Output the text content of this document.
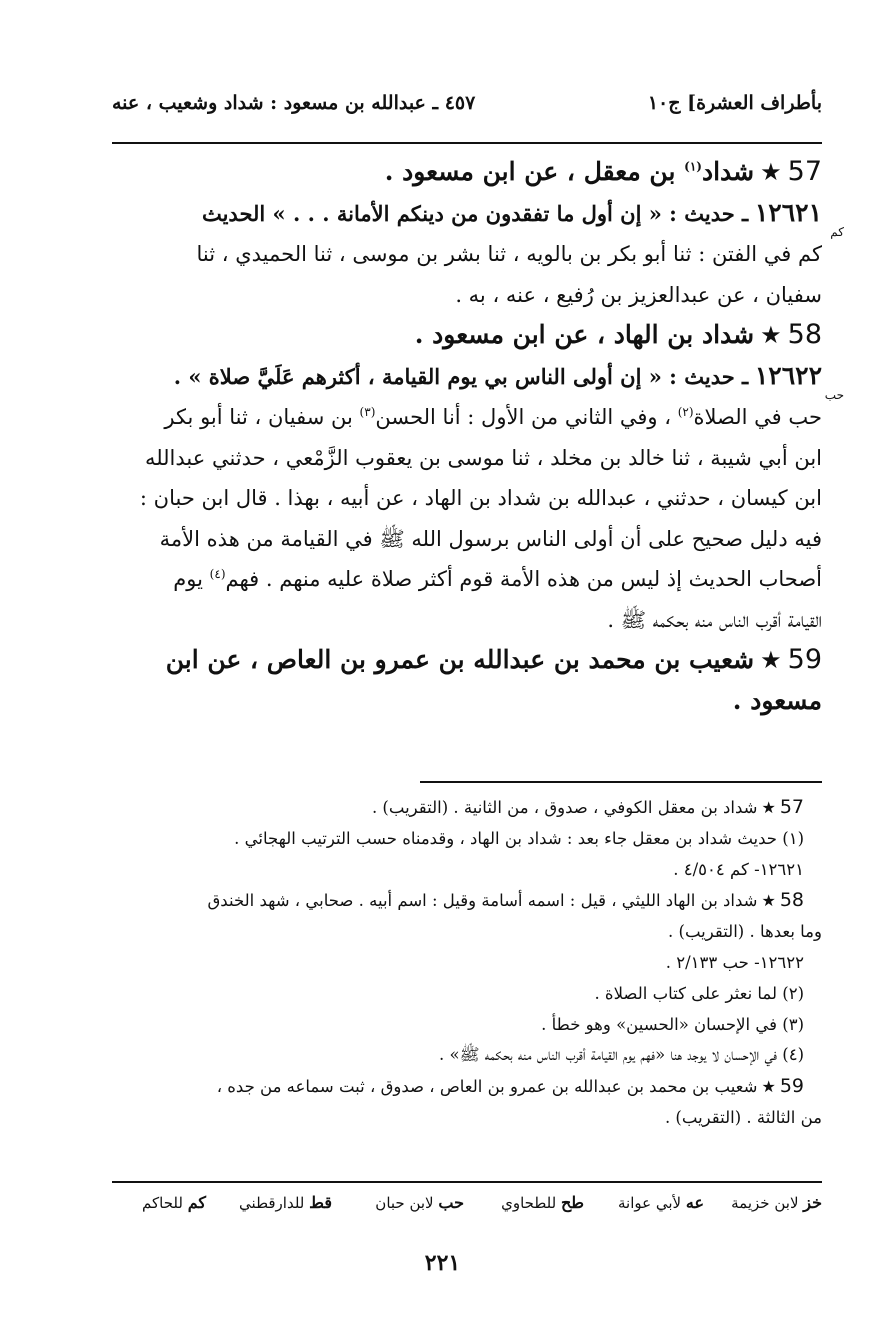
بأطراف العشرة] ج١٠
٤٥٧ ـ عبدالله بن مسعود : شداد وشعيب ، عنه

57★شداد$^{(١)}$ بن معقل ، عن ابن مسعود .

١٢٦٢١ ـ حديث : « إن أول ما تفقدون من دينكم الأمانة . . . » الحديث

كم
كم في الفتن : ثنا أبو بكر بن بالويه ، ثنا بشر بن موسى ، ثنا الحميدي ، ثنا

سفيان ، عن عبدالعزيز بن رُفيع ، عنه ، به .

58★شداد بن الهاد ، عن ابن مسعود .

١٢٦٢٢ ـ حديث : « إن أولى الناس بي يوم القيامة ، أكثرهم عَلَيَّ صلاة » .

حب
حب في الصلاة$^{(٢)}$ ، وفي الثاني من الأول : أنا الحسن$^{(٣)}$ بن سفيان ، ثنا أبو بكر

ابن أبي شيبة ، ثنا خالد بن مخلد ، ثنا موسى بن يعقوب الزَّمْعي ، حدثني عبدالله

ابن كيسان ، حدثني ، عبدالله بن شداد بن الهاد ، عن أبيه ، بهذا . قال ابن حبان :

فيه دليل صحيح على أن أولى الناس برسول الله ﷺ في القيامة من هذه الأمة

أصحاب الحديث إذ ليس من هذه الأمة قوم أكثر صلاة عليه منهم . فهم$^{(٤)}$ يوم

القيامة أقرب الناس منه بحكمه ﷺ .

59★شعيب بن محمد بن عبدالله بن عمرو بن العاص ، عن ابن

مسعود .

57★شداد بن معقل الكوفي ، صدوق ، من الثانية . (التقريب) .

(١) حديث شداد بن معقل جاء بعد : شداد بن الهاد ، وقدمناه حسب الترتيب الهجائي .

١٢٦٢١- كم ٤/٥٠٤ .

58★شداد بن الهاد الليثي ، قيل : اسمه أسامة وقيل : اسم أبيه . صحابي ، شهد الخندق

وما بعدها . (التقريب) .

١٢٦٢٢- حب ٢/١٣٣ .

(٢) لما نعثر على كتاب الصلاة .

(٣) في الإحسان «الحسين» وهو خطأ .

(٤) في الإحسان لا يوجد هنا «فهم يوم القيامة أقرب الناس منه بحكمه ﷺ» .

59★شعيب بن محمد بن عبدالله بن عمرو بن العاص ، صدوق ، ثبت سماعه من جده ،

من الثالثة . (التقريب) .

خز لابن خزيمة
عه لأبي عوانة
طح للطحاوي
حب لابن حبان
قط للدارقطني
كم للحاكم
٢٢١
